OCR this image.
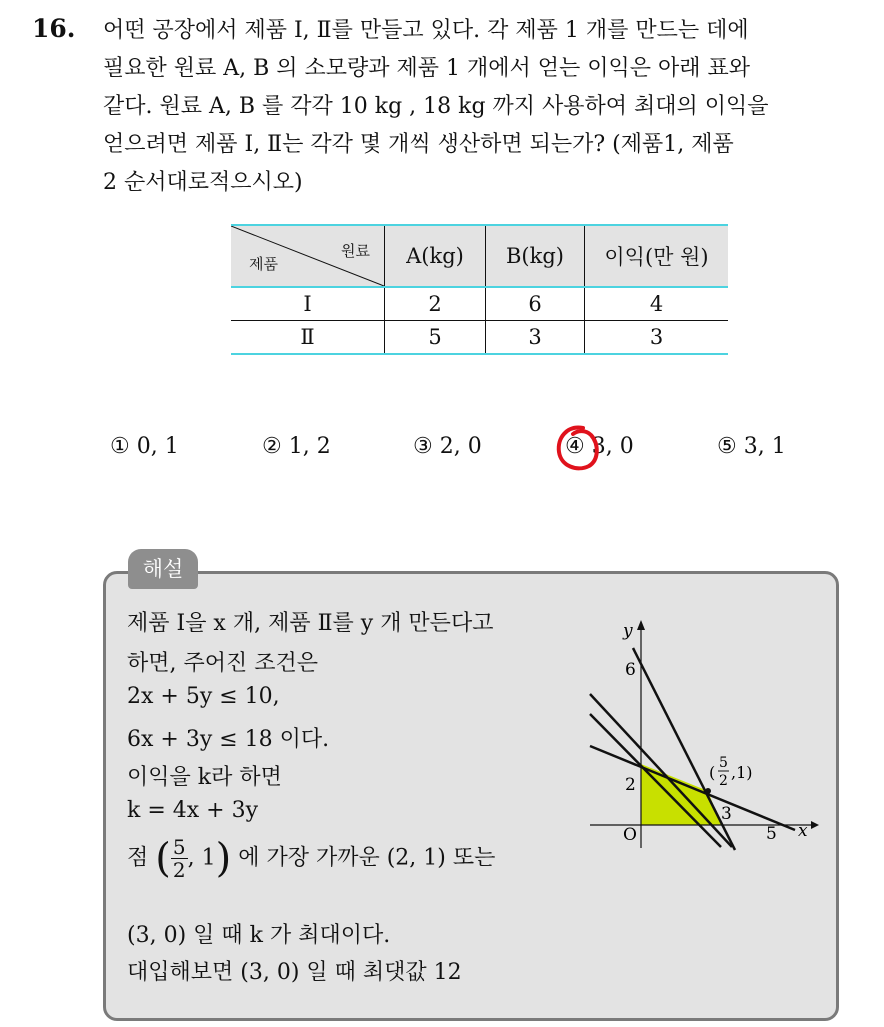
16. 어떤 공장에서 제품 Ⅰ, Ⅱ를 만들고 있다. 각 제품 1 개를 만드는 데에
필요한 원료 A, B 의 소모량과 제품 1 개에서 얻는 이익은 아래 표와
같다. 원료 A, B 를 각각 10 kg , 18 kg 까지 사용하여 최대의 이익을
얻으려면 제품 Ⅰ, Ⅱ는 각각 몇 개씩 생산하면 되는가? (제품1, 제품
2 순서대로적으시오)
원료
제품	A(kg)	B(kg)	이익(만 원)
Ⅰ	2	6	4
Ⅱ	5	3	3
① 0, 1	② 1, 2	③ 2, 0	④ 3, 0	⑤ 3, 1
해설
제품 Ⅰ을 x 개, 제품 Ⅱ를 y 개 만든다고
하면, 주어진 조건은
2x + 5y ≤ 10,
6x + 3y ≤ 18 이다.
이익을 k라 하면
k = 4x + 3y
점 ( $\frac{5}{2}$ , 1) 에 가장 가까운 (2, 1) 또는
(3, 0) 일 때 k 가 최대이다.
대입해보면 (3, 0) 일 때 최댓값 12
y
x
O
6
2
3
5
( 5
2 ,1)
